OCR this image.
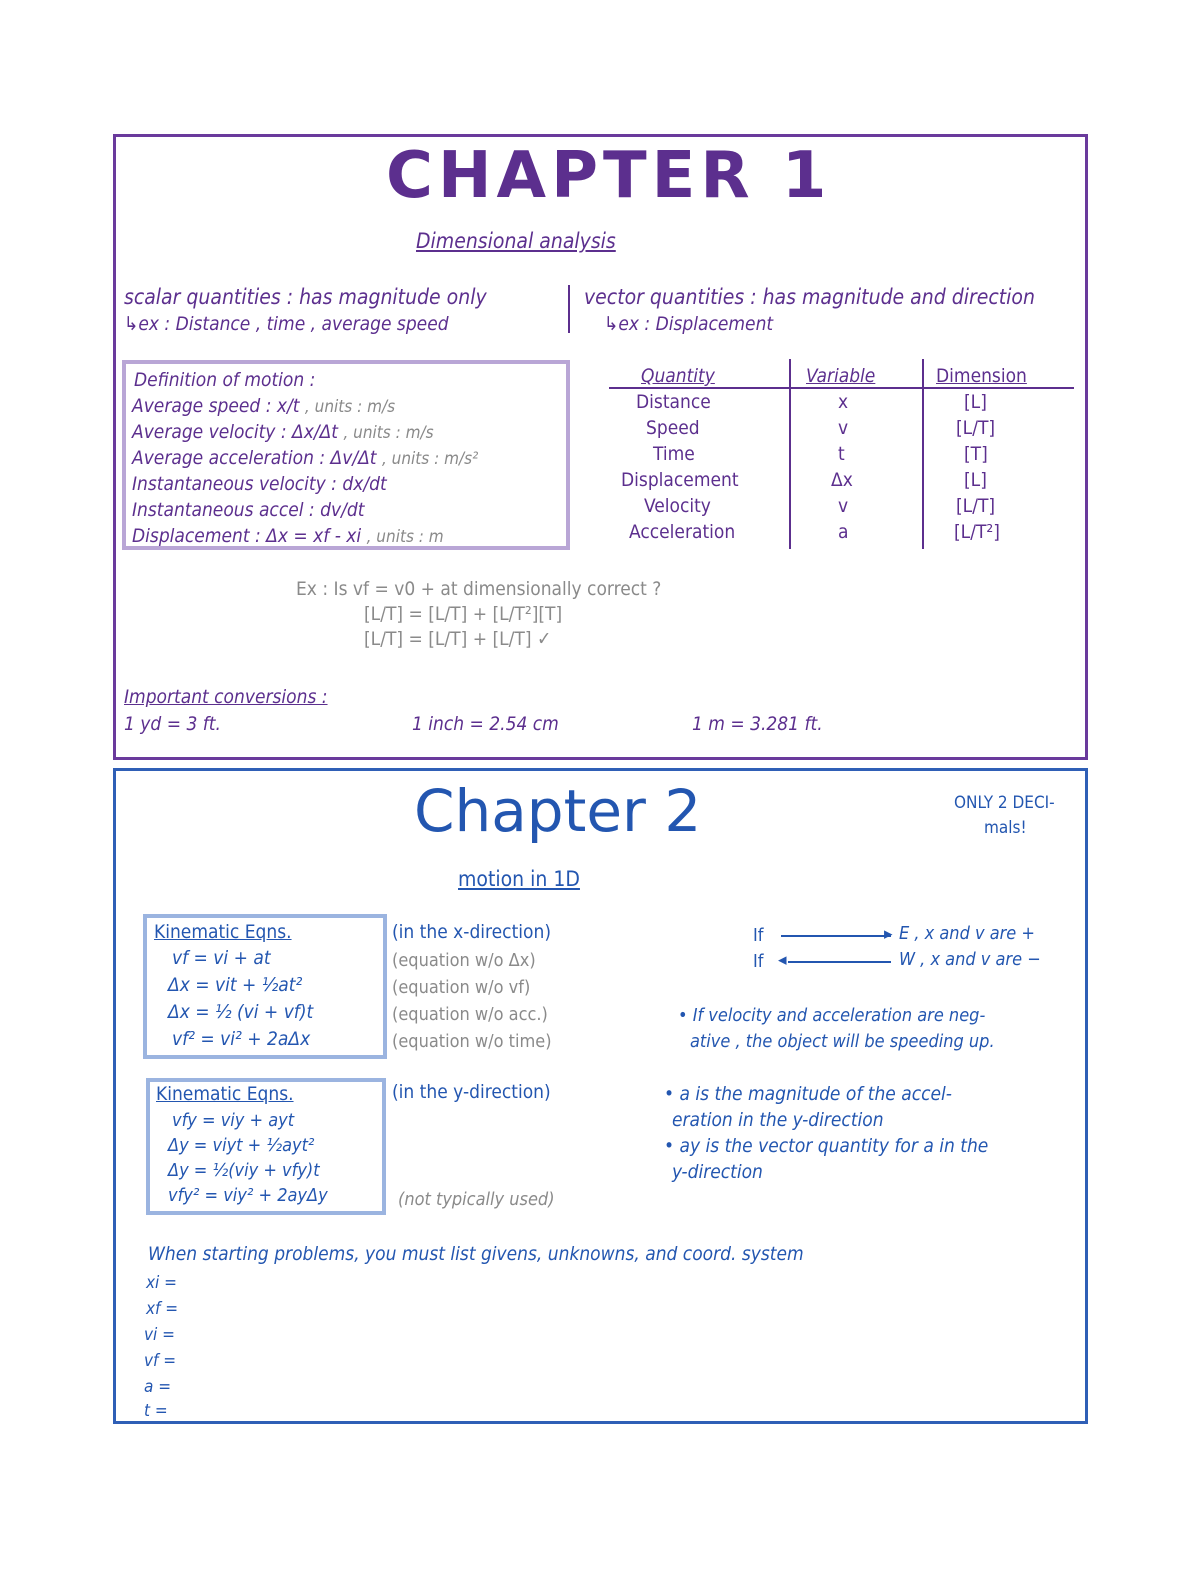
CHAPTER 1
Dimensional analysis
scalar quantities : has magnitude only
↳ex : Distance , time , average speed
vector quantities : has magnitude and direction
↳ex : Displacement
Definition of motion :
Average speed : x/t , units : m/s
Average velocity : Δx/Δt , units : m/s
Average acceleration : Δv/Δt , units : m/s²
Instantaneous velocity : dx/dt
Instantaneous accel : dv/dt
Displacement : Δx = xf - xi , units : m
Quantity	Variable	Dimension
Distance	x	[L]
Speed	v	[L/T]
Time	t	[T]
Displacement	Δx	[L]
Velocity	v	[L/T]
Acceleration	a	[L/T²]
Ex : Is vf = v0 + at dimensionally correct ?
[L/T] = [L/T] + [L/T²][T]
[L/T] = [L/T] + [L/T] ✓
Important conversions :
1 yd = 3 ft.	1 inch = 2.54 cm	1 m = 3.281 ft.
Chapter 2
motion in 1D
ONLY 2 DECI-
mals!
Kinematic Eqns.
vf = vi + at
Δx = vit + ½at²
Δx = ½ (vi + vf)t
vf² = vi² + 2aΔx
(in the x-direction)
(equation w/o Δx)
(equation w/o vf)
(equation w/o acc.)
(equation w/o time)
Kinematic Eqns.
vfy = viy + ayt
Δy = viyt + ½ayt²
Δy = ½(viy + vfy)t
vfy² = viy² + 2ayΔy
(in the y-direction)
(not typically used)
If	▸ E , x and v are +
If ◂	W , x and v are −
• If velocity and acceleration are neg-
ative , the object will be speeding up.
• a is the magnitude of the accel-
eration in the y-direction
• ay is the vector quantity for a in the
y-direction
When starting problems, you must list givens, unknowns, and coord. system
xi =
xf =
vi =
vf =
a =
t =
